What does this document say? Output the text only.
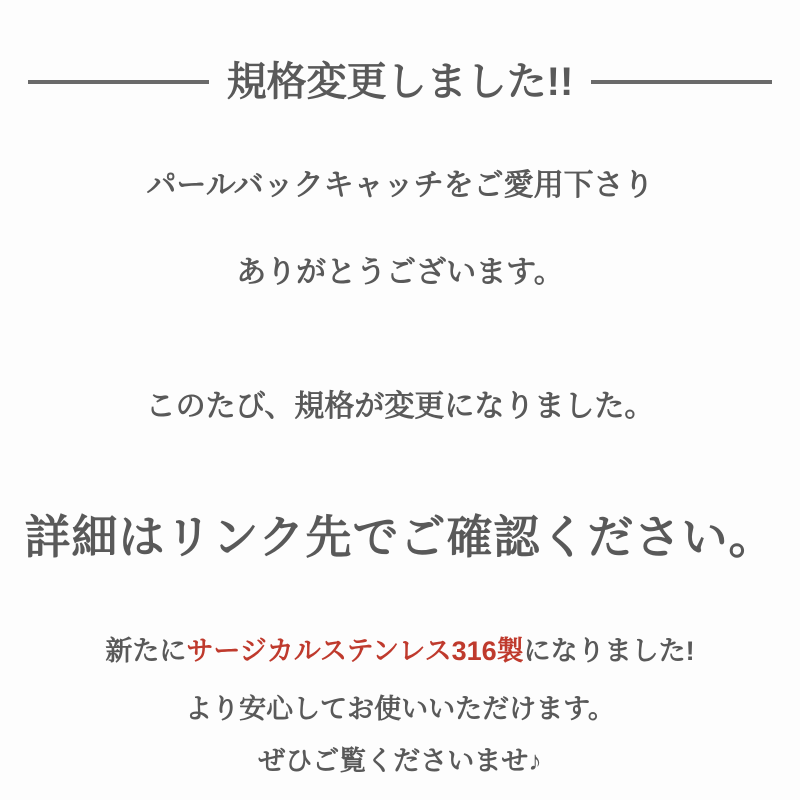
規格変更しました!!

パールバックキャッチをご愛用下さり

ありがとうございます。

このたび、規格が変更になりました。

詳細はリンク先でご確認ください。

新たにサージカルステンレス316製になりました!

より安心してお使いいただけます。

ぜひご覧くださいませ♪
